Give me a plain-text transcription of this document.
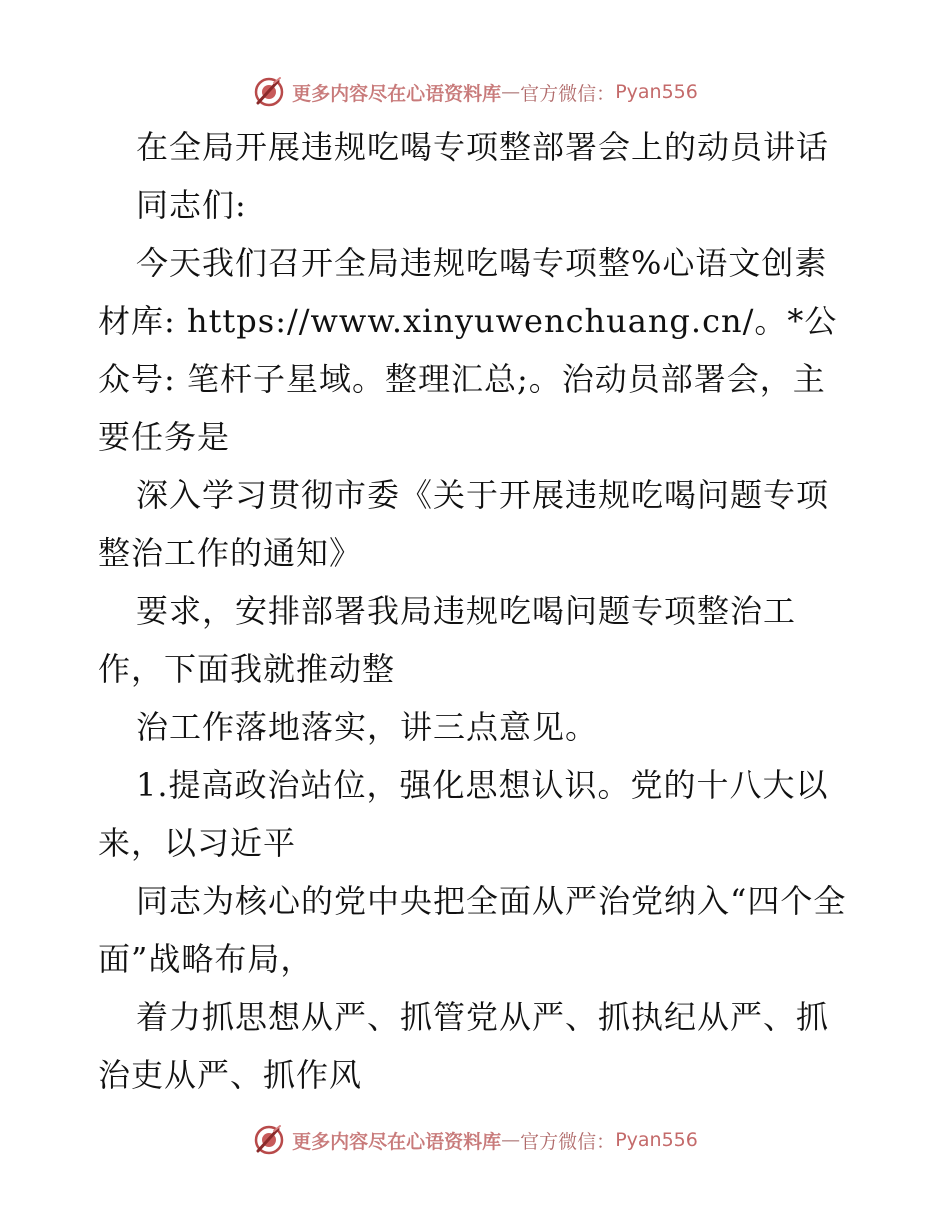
更多内容尽在心语资料库 — 官方微信： Pyan556

在全局开展违规吃喝专项整部署会上的动员讲话

同志们:

今天我们召开全局违规吃喝专项整%心语文创素材库: https://www.xinyuwenchuang.cn/。*公众号: 笔杆子星域。整理汇总;。治动员部署会，主要任务是

深入学习贯彻市委《关于开展违规吃喝问题专项整治工作的通知》

要求，安排部署我局违规吃喝问题专项整治工作，下面我就推动整

治工作落地落实，讲三点意见。

1.提高政治站位，强化思想认识。党的十八大以来，以习近平

同志为核心的党中央把全面从严治党纳入“四个全面”战略布局，

着力抓思想从严、抓管党从严、抓执纪从严、抓治吏从严、抓作风

更多内容尽在心语资料库 — 官方微信： Pyan556
